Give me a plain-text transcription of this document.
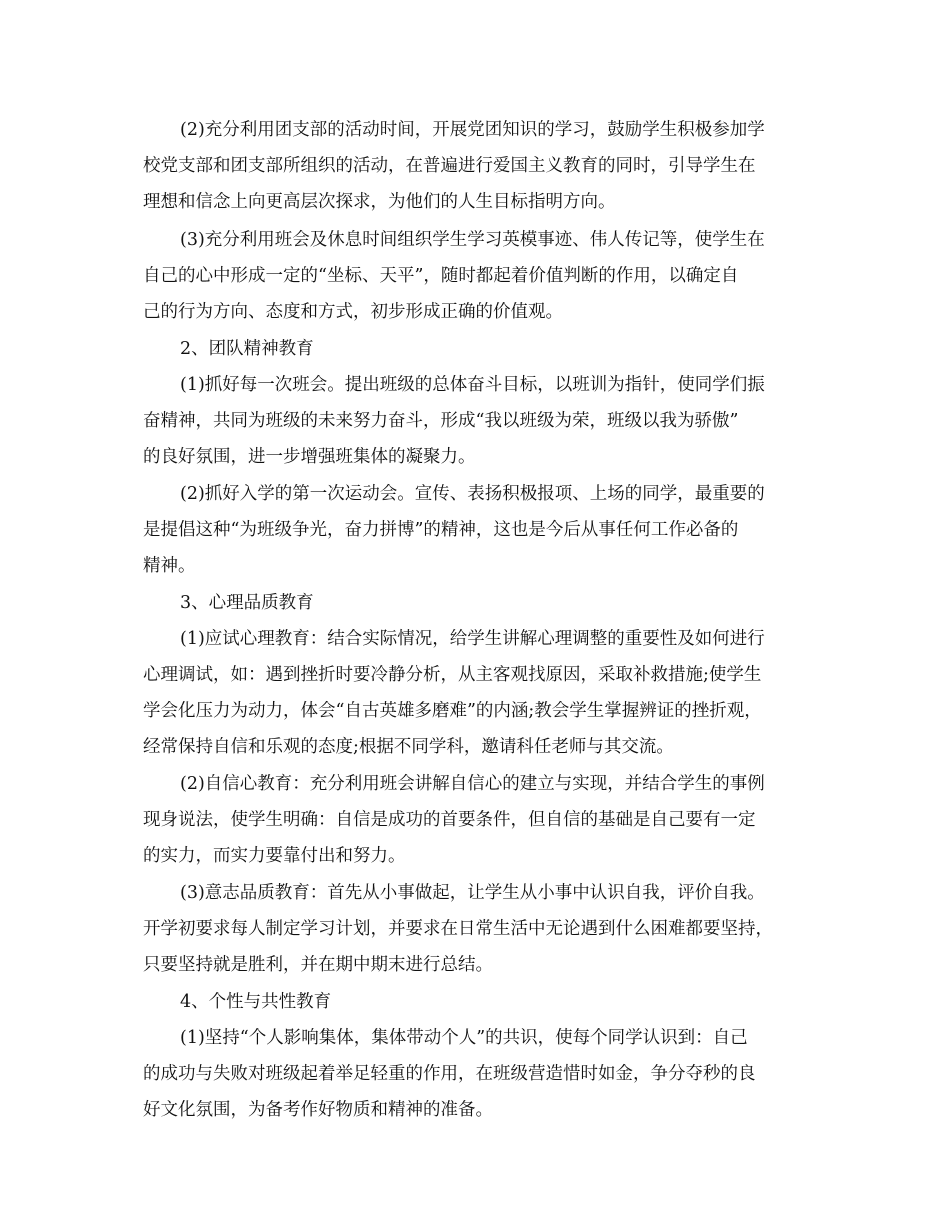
(2)充分利用团支部的活动时间，开展党团知识的学习，鼓励学生积极参加学
校党支部和团支部所组织的活动，在普遍进行爱国主义教育的同时，引导学生在
理想和信念上向更高层次探求，为他们的人生目标指明方向。
(3)充分利用班会及休息时间组织学生学习英模事迹、伟人传记等，使学生在
自己的心中形成一定的“坐标、天平”，随时都起着价值判断的作用，以确定自
己的行为方向、态度和方式，初步形成正确的价值观。
2、团队精神教育
(1)抓好每一次班会。提出班级的总体奋斗目标，以班训为指针，使同学们振
奋精神，共同为班级的未来努力奋斗，形成“我以班级为荣，班级以我为骄傲”
的良好氛围，进一步增强班集体的凝聚力。
(2)抓好入学的第一次运动会。宣传、表扬积极报项、上场的同学，最重要的
是提倡这种“为班级争光，奋力拼博”的精神，这也是今后从事任何工作必备的
精神。
3、心理品质教育
(1)应试心理教育：结合实际情况，给学生讲解心理调整的重要性及如何进行
心理调试，如：遇到挫折时要冷静分析，从主客观找原因，采取补救措施;使学生
学会化压力为动力，体会“自古英雄多磨难”的内涵;教会学生掌握辨证的挫折观，
经常保持自信和乐观的态度;根据不同学科，邀请科任老师与其交流。
(2)自信心教育：充分利用班会讲解自信心的建立与实现，并结合学生的事例
现身说法，使学生明确：自信是成功的首要条件，但自信的基础是自己要有一定
的实力，而实力要靠付出和努力。
(3)意志品质教育：首先从小事做起，让学生从小事中认识自我，评价自我。
开学初要求每人制定学习计划，并要求在日常生活中无论遇到什么困难都要坚持，
只要坚持就是胜利，并在期中期末进行总结。
4、个性与共性教育
(1)坚持“个人影响集体，集体带动个人”的共识，使每个同学认识到：自己
的成功与失败对班级起着举足轻重的作用，在班级营造惜时如金，争分夺秒的良
好文化氛围，为备考作好物质和精神的准备。
